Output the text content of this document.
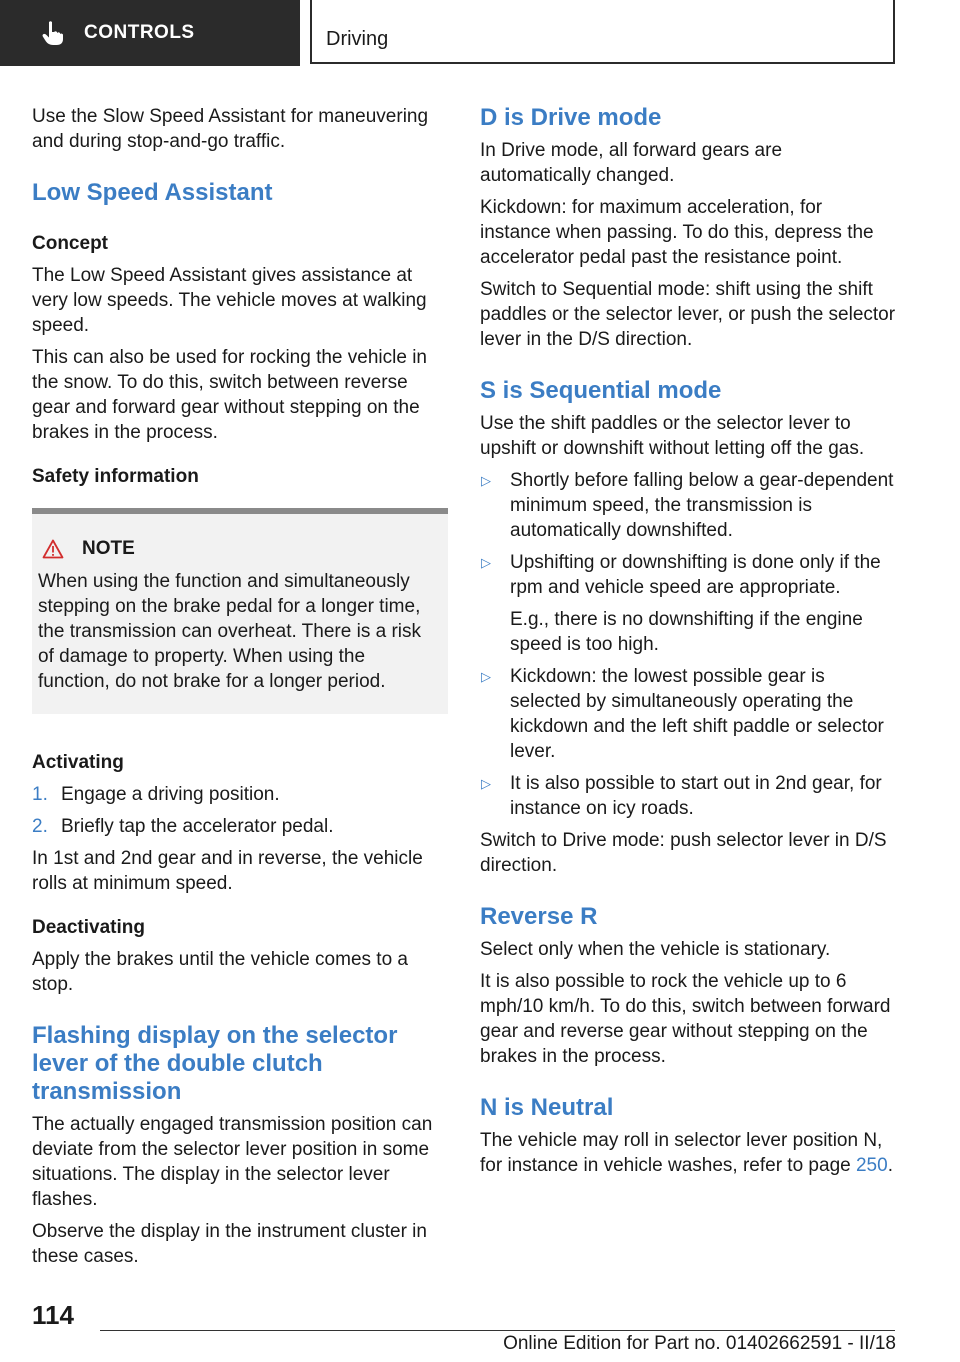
CONTROLS	Driving

Use the Slow Speed Assistant for maneuvering and during stop-and-go traffic.

Low Speed Assistant
Concept

The Low Speed Assistant gives assistance at very low speeds. The vehicle moves at walking speed.

This can also be used for rocking the vehicle in the snow. To do this, switch between reverse gear and forward gear without stepping on the brakes in the process.

Safety information
NOTE
When using the function and simultaneously stepping on the brake pedal for a longer time, the transmission can overheat. There is a risk of damage to property. When using the function, do not brake for a longer period.
Activating
1. Engage a driving position.
2. Briefly tap the accelerator pedal.

In 1st and 2nd gear and in reverse, the vehicle rolls at minimum speed.

Deactivating

Apply the brakes until the vehicle comes to a stop.

Flashing display on the selector lever of the double clutch transmission

The actually engaged transmission position can deviate from the selector lever position in some situations. The display in the selector lever flashes.

Observe the display in the instrument cluster in these cases.

D is Drive mode

In Drive mode, all forward gears are automatically changed.

Kickdown: for maximum acceleration, for instance when passing. To do this, depress the accelerator pedal past the resistance point.

Switch to Sequential mode: shift using the shift paddles or the selector lever, or push the selector lever in the D/S direction.

S is Sequential mode

Use the shift paddles or the selector lever to upshift or downshift without letting off the gas.

▷	Shortly before falling below a gear-dependent minimum speed, the transmission is automatically downshifted.

▷	Upshifting or downshifting is done only if the rpm and vehicle speed are appropriate.

E.g., there is no downshifting if the engine speed is too high.

▷	Kickdown: the lowest possible gear is selected by simultaneously operating the kickdown and the left shift paddle or selector lever.

▷	It is also possible to start out in 2nd gear, for instance on icy roads.

Switch to Drive mode: push selector lever in D/S direction.

Reverse R

Select only when the vehicle is stationary.

It is also possible to rock the vehicle up to 6 mph/10 km/h. To do this, switch between forward gear and reverse gear without stepping on the brakes in the process.

N is Neutral

The vehicle may roll in selector lever position N, for instance in vehicle washes, refer to page 250.

114
Online Edition for Part no. 01402662591 - II/18
